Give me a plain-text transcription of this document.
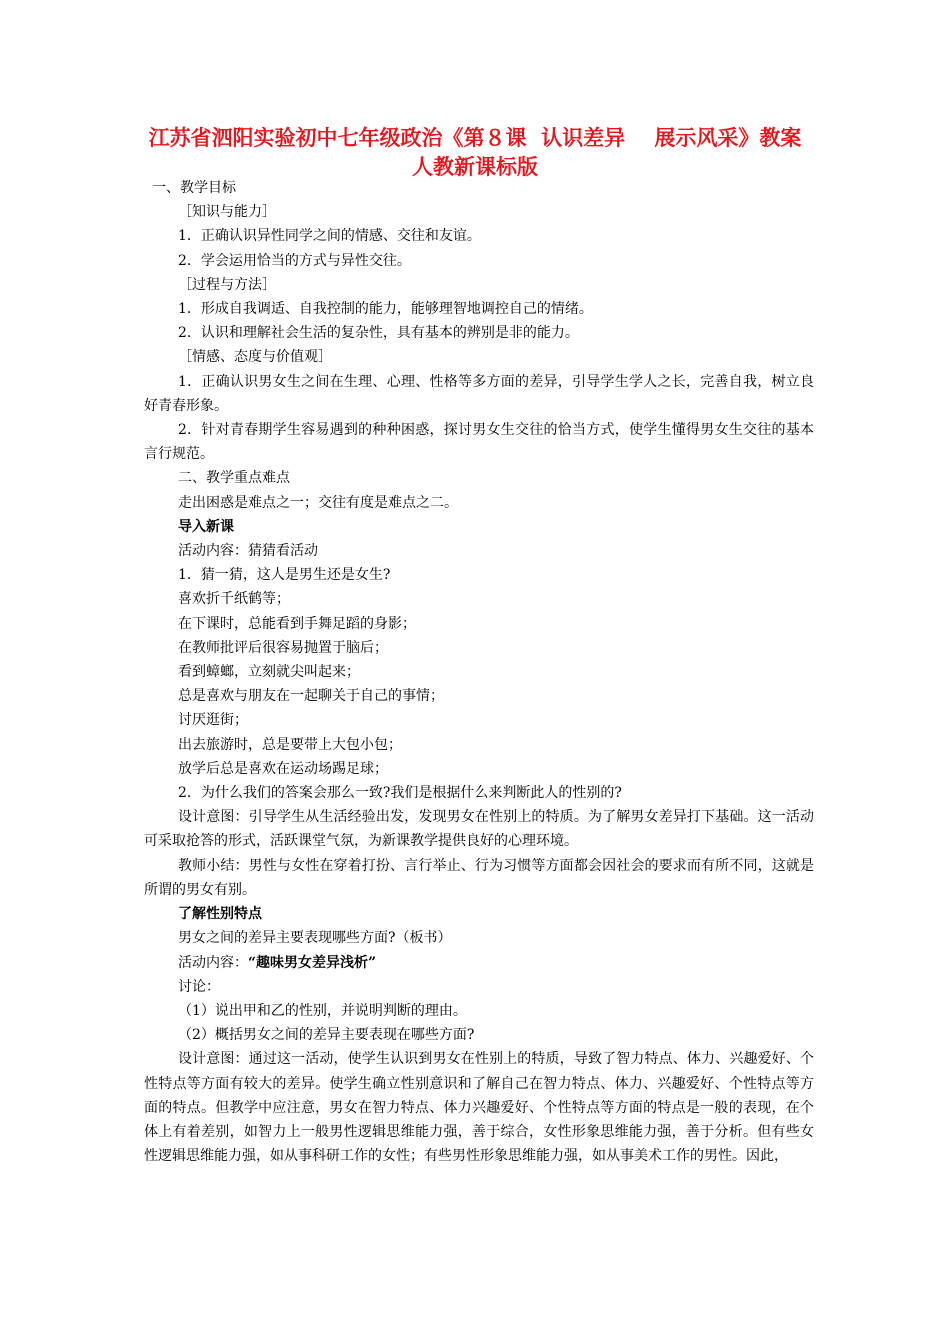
江苏省泗阳实验初中七年级政治《第８课  认识差异    展示风采》教案  人教新课标版
一、教学目标
［知识与能力］
1．正确认识异性同学之间的情感、交往和友谊。
2．学会运用恰当的方式与异性交往。
［过程与方法］
1．形成自我调适、自我控制的能力，能够理智地调控自己的情绪。
2．认识和理解社会生活的复杂性，具有基本的辨别是非的能力。
［情感、态度与价值观］
1．正确认识男女生之间在生理、心理、性格等多方面的差异，引导学生学人之长，完善自我，树立良好青春形象。
2．针对青春期学生容易遇到的种种困惑，探讨男女生交往的恰当方式，使学生懂得男女生交往的基本言行规范。
二、教学重点难点
走出困惑是难点之一；交往有度是难点之二。
导入新课
活动内容：猜猜看活动
1．猜一猜，这人是男生还是女生?
喜欢折千纸鹤等；
在下课时，总能看到手舞足蹈的身影；
在教师批评后很容易抛置于脑后；
看到蟑螂，立刻就尖叫起来；
总是喜欢与朋友在一起聊关于自己的事情；
讨厌逛街；
出去旅游时，总是要带上大包小包；
放学后总是喜欢在运动场踢足球；
2．为什么我们的答案会那么一致?我们是根据什么来判断此人的性别的?
设计意图：引导学生从生活经验出发，发现男女在性别上的特质。为了解男女差异打下基础。这一活动可采取抢答的形式，活跃课堂气氛，为新课教学提供良好的心理环境。
教师小结：男性与女性在穿着打扮、言行举止、行为习惯等方面都会因社会的要求而有所不同，这就是所谓的男女有别。
了解性别特点
男女之间的差异主要表现哪些方面?（板书）
活动内容：“趣味男女差异浅析”
讨论：
（1）说出甲和乙的性别，并说明判断的理由。
（2）概括男女之间的差异主要表现在哪些方面?
设计意图：通过这一活动，使学生认识到男女在性别上的特质，导致了智力特点、体力、兴趣爱好、个性特点等方面有较大的差异。使学生确立性别意识和了解自己在智力特点、体力、兴趣爱好、个性特点等方面的特点。但教学中应注意，男女在智力特点、体力兴趣爱好、个性特点等方面的特点是一般的表现，在个体上有着差别，如智力上一般男性逻辑思维能力强，善于综合，女性形象思维能力强，善于分析。但有些女性逻辑思维能力强，如从事科研工作的女性；有些男性形象思维能力强，如从事美术工作的男性。因此，
